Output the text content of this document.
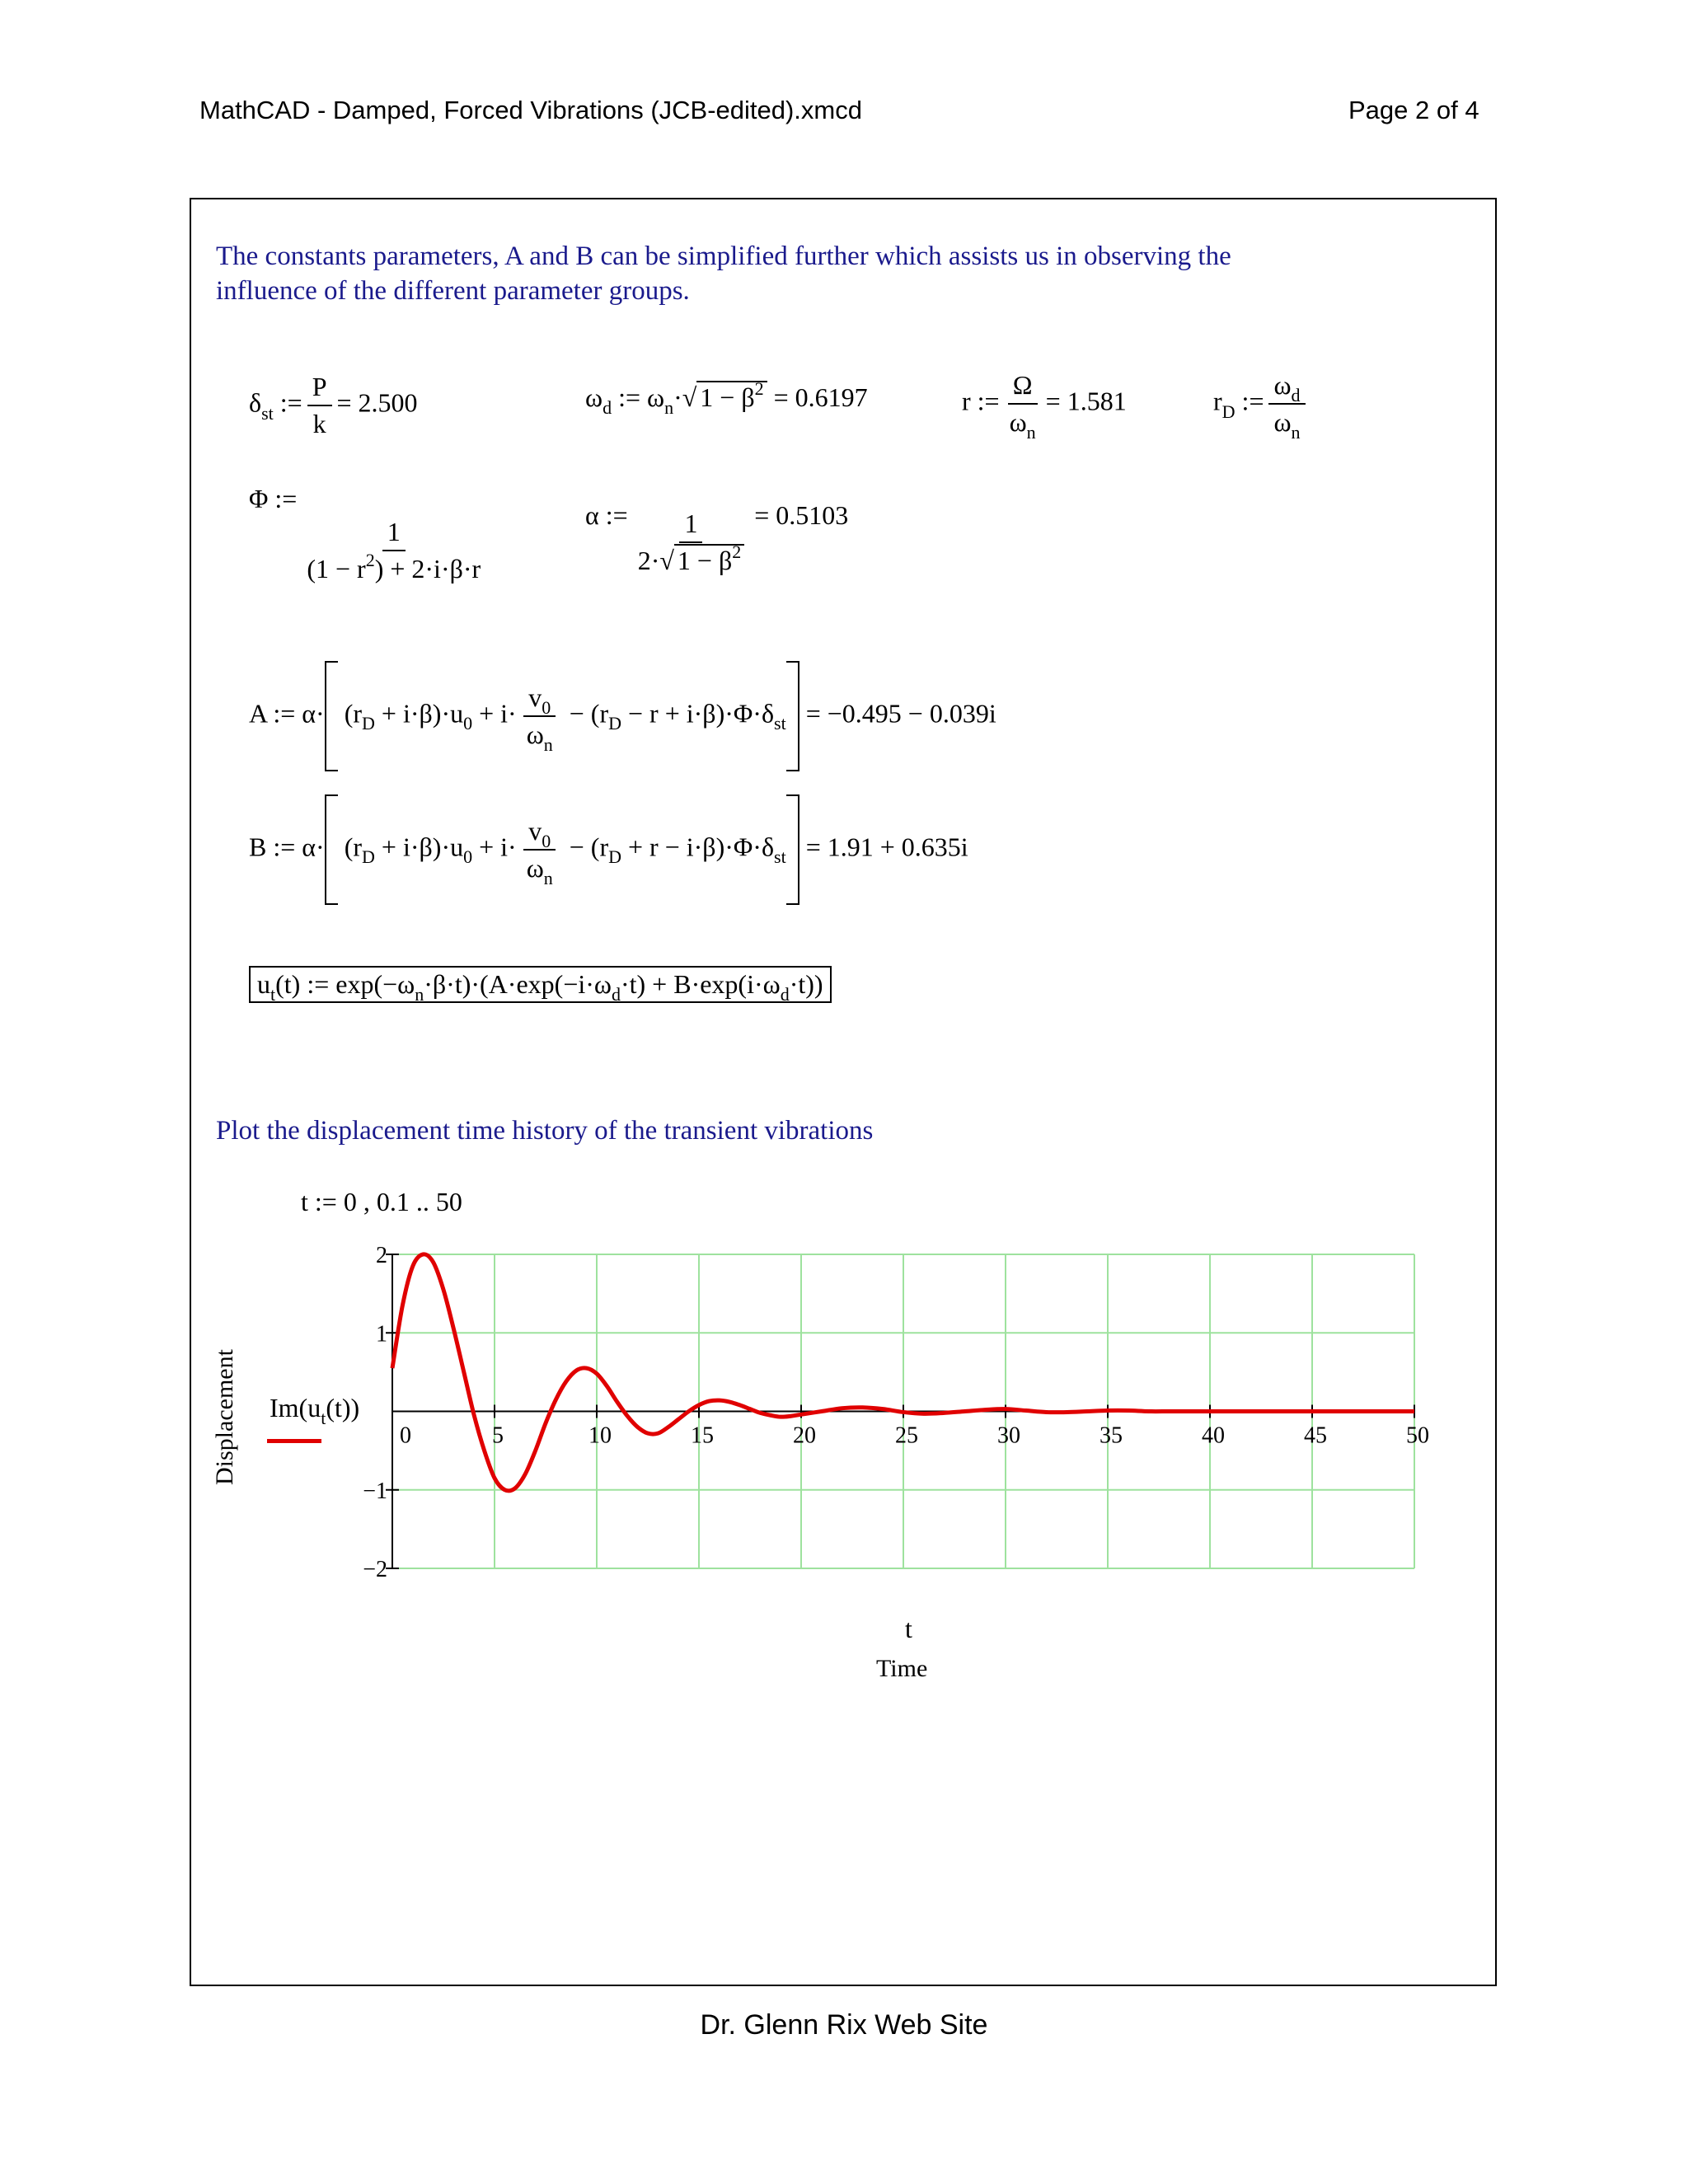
MathCAD - Damped, Forced Vibrations (JCB-edited).xmcd	Page 2 of 4
The constants parameters, A and B can be simplified further which assists us in observing the
influence of the different parameter groups.
$\delta_{st}$ := $\frac{P}{k} = 2.500$	$\omega_d$ := $\omega_n\cdot√$ $1 - \beta^2 = 0.6197$	r := $\frac{\Omega}{\omega_n} = 1.581$	$r_D$ := $\frac{\omega_d}{\omega_n}$
Φ :=
$\frac{1}{(1 - r^2) + 2\cdot i\cdot\beta\cdot r}$
α := $\frac{1}{2\cdot√ 1 - \beta^2} = 0.5103$
A := $\alpha\cdot (r_D + i\cdot\beta)\cdot u_0 + i\cdot \frac{v_0}{\omega_n} - (r_D - r + i\cdot\beta)\cdot\Phi\cdot\delta_{st} = -0.495 - 0.039i$
B := $\alpha\cdot (r_D + i\cdot\beta)\cdot u_0 + i\cdot \frac{v_0}{\omega_n} - (r_D + r - i\cdot\beta)\cdot\Phi\cdot\delta_{st} = 1.91 + 0.635i$
$u_t(t)$ := $\exp(-\omega_n\cdot\beta\cdot t)\cdot(A\cdot\exp(-i\cdot\omega_d\cdot t) + B\cdot\exp(i\cdot\omega_d\cdot t))$
Plot the displacement time history of the transient vibrations
t := 0 , 0.1 .. 50
0	5	10	15	20	25	30	35	40	45	50
2
1
−1
−2
Displacement $Im(u_t(t))$
t
Time
Dr. Glenn Rix Web Site
